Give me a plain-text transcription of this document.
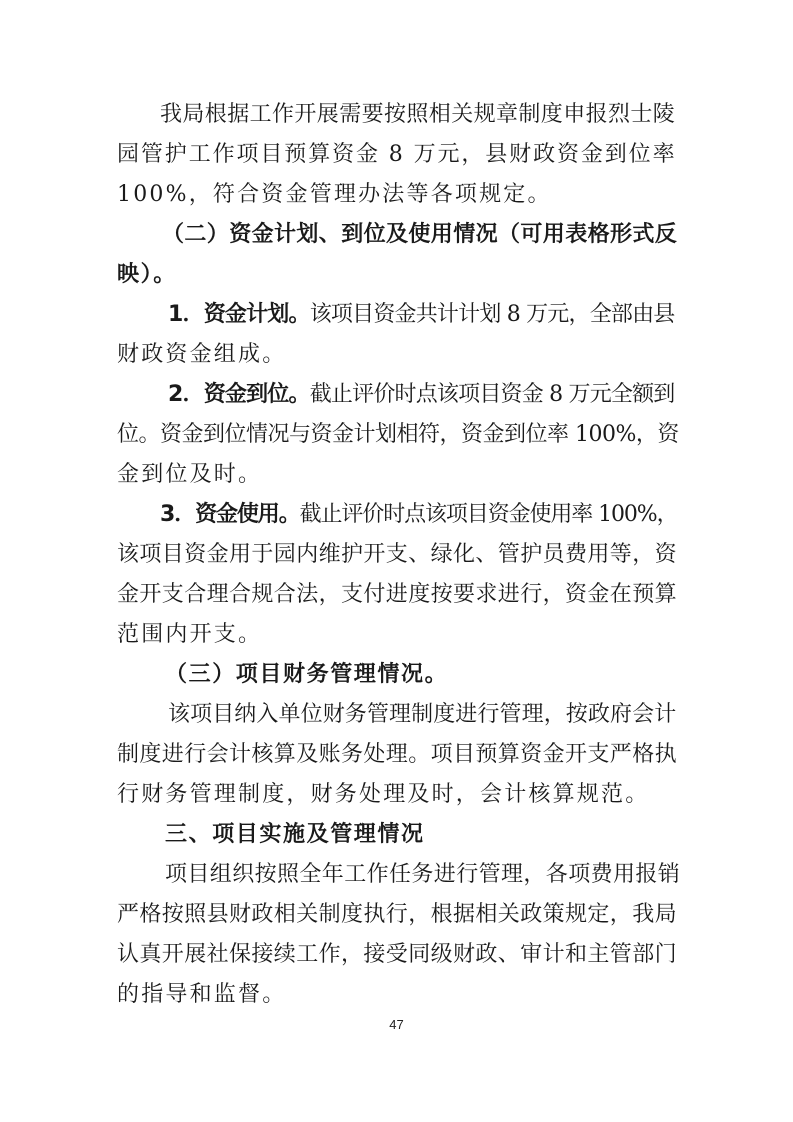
我局根据工作开展需要按照相关规章制度申报烈士陵
园管护工作项目预算资金 8 万元，县财政资金到位率
100%，符合资金管理办法等各项规定。
（二）资金计划、到位及使用情况（可用表格形式反
映）。
1．资金计划。该项目资金共计计划 8 万元，全部由县
财政资金组成。
2．资金到位。截止评价时点该项目资金 8 万元全额到
位。资金到位情况与资金计划相符，资金到位率 100%，资
金到位及时。
3．资金使用。截止评价时点该项目资金使用率 100%，
该项目资金用于园内维护开支、绿化、管护员费用等，资
金开支合理合规合法，支付进度按要求进行，资金在预算
范围内开支。
（三）项目财务管理情况。
该项目纳入单位财务管理制度进行管理，按政府会计
制度进行会计核算及账务处理。项目预算资金开支严格执
行财务管理制度，财务处理及时，会计核算规范。
三、项目实施及管理情况
项目组织按照全年工作任务进行管理，各项费用报销
严格按照县财政相关制度执行，根据相关政策规定，我局
认真开展社保接续工作，接受同级财政、审计和主管部门
的指导和监督。
47
